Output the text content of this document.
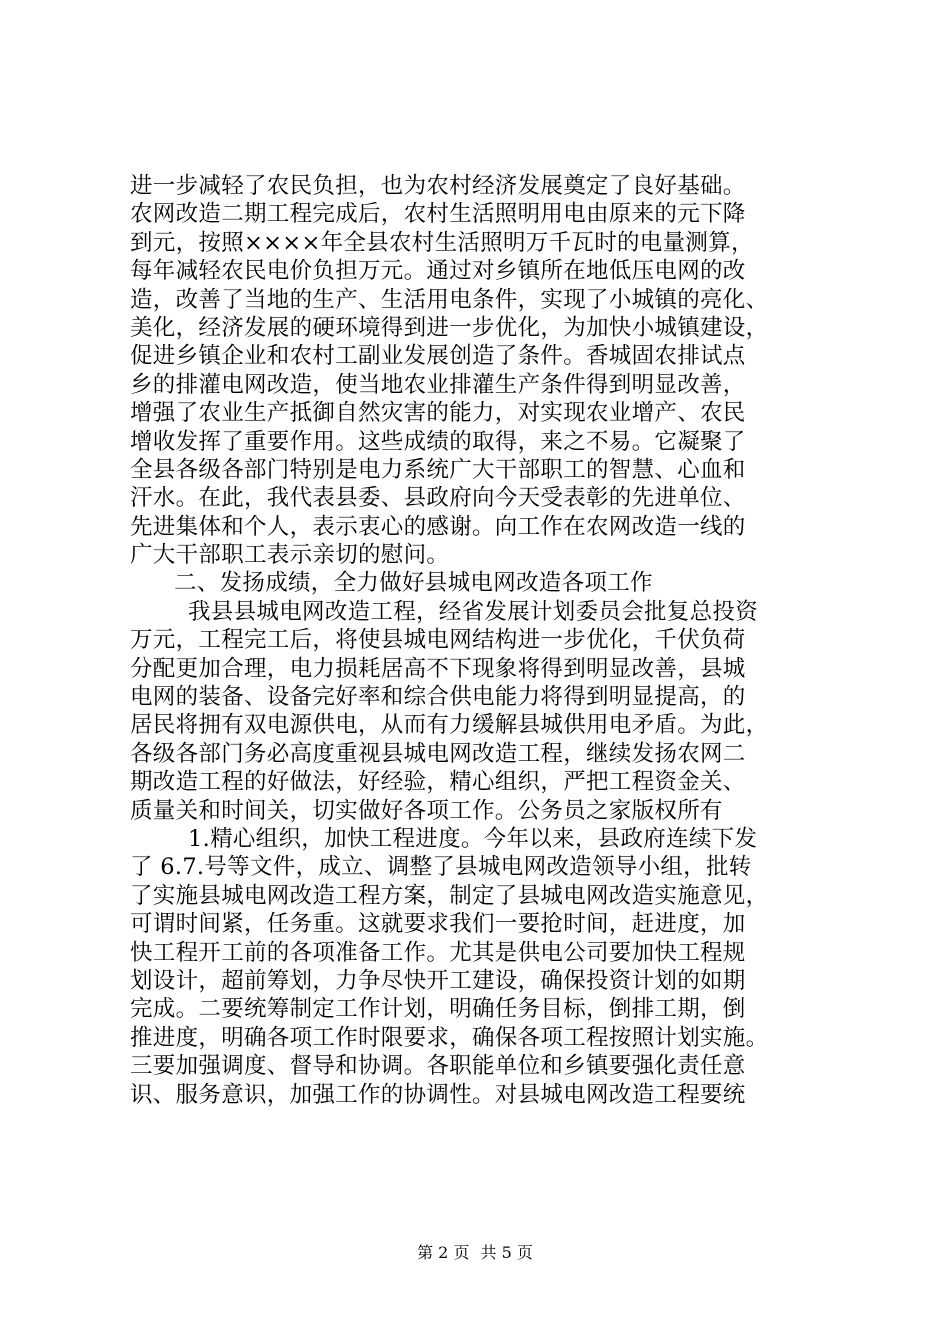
进一步减轻了农民负担，也为农村经济发展奠定了良好基础。
农网改造二期工程完成后，农村生活照明用电由原来的元下降
到元，按照××××年全县农村生活照明万千瓦时的电量测算，
每年减轻农民电价负担万元。通过对乡镇所在地低压电网的改
造，改善了当地的生产、生活用电条件，实现了小城镇的亮化、
美化，经济发展的硬环境得到进一步优化，为加快小城镇建设，
促进乡镇企业和农村工副业发展创造了条件。香城固农排试点
乡的排灌电网改造，使当地农业排灌生产条件得到明显改善，
增强了农业生产抵御自然灾害的能力，对实现农业增产、农民
增收发挥了重要作用。这些成绩的取得，来之不易。它凝聚了
全县各级各部门特别是电力系统广大干部职工的智慧、心血和
汗水。在此，我代表县委、县政府向今天受表彰的先进单位、
先进集体和个人，表示衷心的感谢。向工作在农网改造一线的
广大干部职工表示亲切的慰问。
二、发扬成绩，全力做好县城电网改造各项工作
我县县城电网改造工程，经省发展计划委员会批复总投资
万元，工程完工后，将使县城电网结构进一步优化，千伏负荷
分配更加合理，电力损耗居高不下现象将得到明显改善，县城
电网的装备、设备完好率和综合供电能力将得到明显提高，的
居民将拥有双电源供电，从而有力缓解县城供用电矛盾。为此，
各级各部门务必高度重视县城电网改造工程，继续发扬农网二
期改造工程的好做法，好经验，精心组织，严把工程资金关、
质量关和时间关，切实做好各项工作。公务员之家版权所有
1.精心组织，加快工程进度。今年以来，县政府连续下发
了 6.7.号等文件，成立、调整了县城电网改造领导小组，批转
了实施县城电网改造工程方案，制定了县城电网改造实施意见，
可谓时间紧，任务重。这就要求我们一要抢时间，赶进度，加
快工程开工前的各项准备工作。尤其是供电公司要加快工程规
划设计，超前筹划，力争尽快开工建设，确保投资计划的如期
完成。二要统筹制定工作计划，明确任务目标，倒排工期，倒
推进度，明确各项工作时限要求，确保各项工程按照计划实施。
三要加强调度、督导和协调。各职能单位和乡镇要强化责任意
识、服务意识，加强工作的协调性。对县城电网改造工程要统
第 2 页 共 5 页
